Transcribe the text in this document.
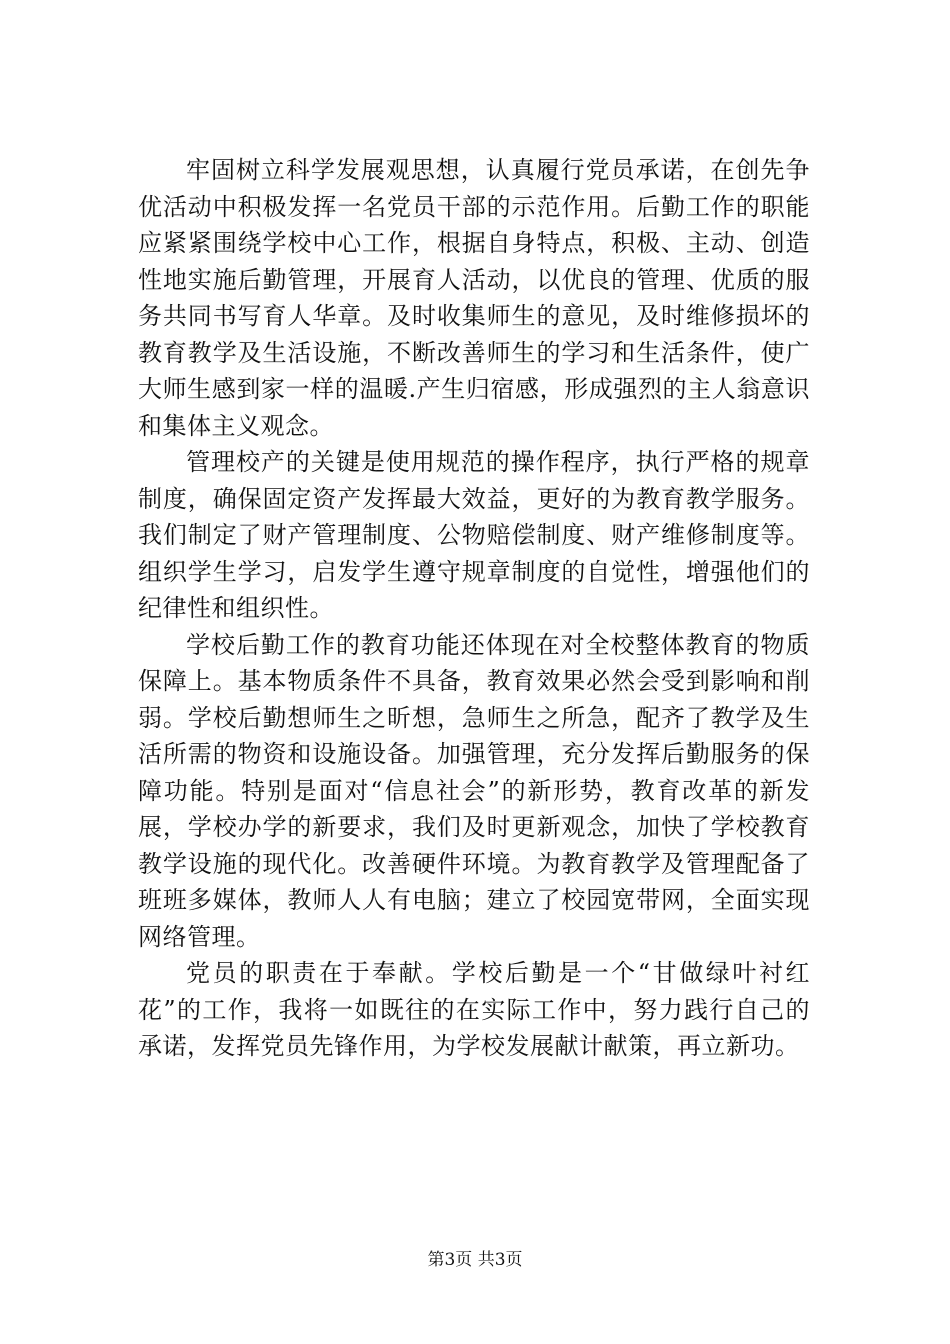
牢固树立科学发展观思想，认真履行党员承诺，在创先争优活动中积极发挥一名党员干部的示范作用。后勤工作的职能应紧紧围绕学校中心工作，根据自身特点，积极、主动、创造性地实施后勤管理，开展育人活动，以优良的管理、优质的服务共同书写育人华章。及时收集师生的意见，及时维修损坏的教育教学及生活设施，不断改善师生的学习和生活条件，使广大师生感到家一样的温暖.产生归宿感，形成强烈的主人翁意识和集体主义观念。

管理校产的关键是使用规范的操作程序，执行严格的规章制度，确保固定资产发挥最大效益，更好的为教育教学服务。我们制定了财产管理制度、公物赔偿制度、财产维修制度等。组织学生学习，启发学生遵守规章制度的自觉性，增强他们的纪律性和组织性。

学校后勤工作的教育功能还体现在对全校整体教育的物质保障上。基本物质条件不具备，教育效果必然会受到影响和削弱。学校后勤想师生之昕想，急师生之所急，配齐了教学及生活所需的物资和设施设备。加强管理，充分发挥后勤服务的保障功能。特别是面对“信息社会”的新形势，教育改革的新发展，学校办学的新要求，我们及时更新观念，加快了学校教育教学设施的现代化。改善硬件环境。为教育教学及管理配备了班班多媒体，教师人人有电脑；建立了校园宽带网，全面实现网络管理。

党员的职责在于奉献。学校后勤是一个“甘做绿叶衬红花”的工作，我将一如既往的在实际工作中，努力践行自己的承诺，发挥党员先锋作用，为学校发展献计献策，再立新功。

第3页 共3页
